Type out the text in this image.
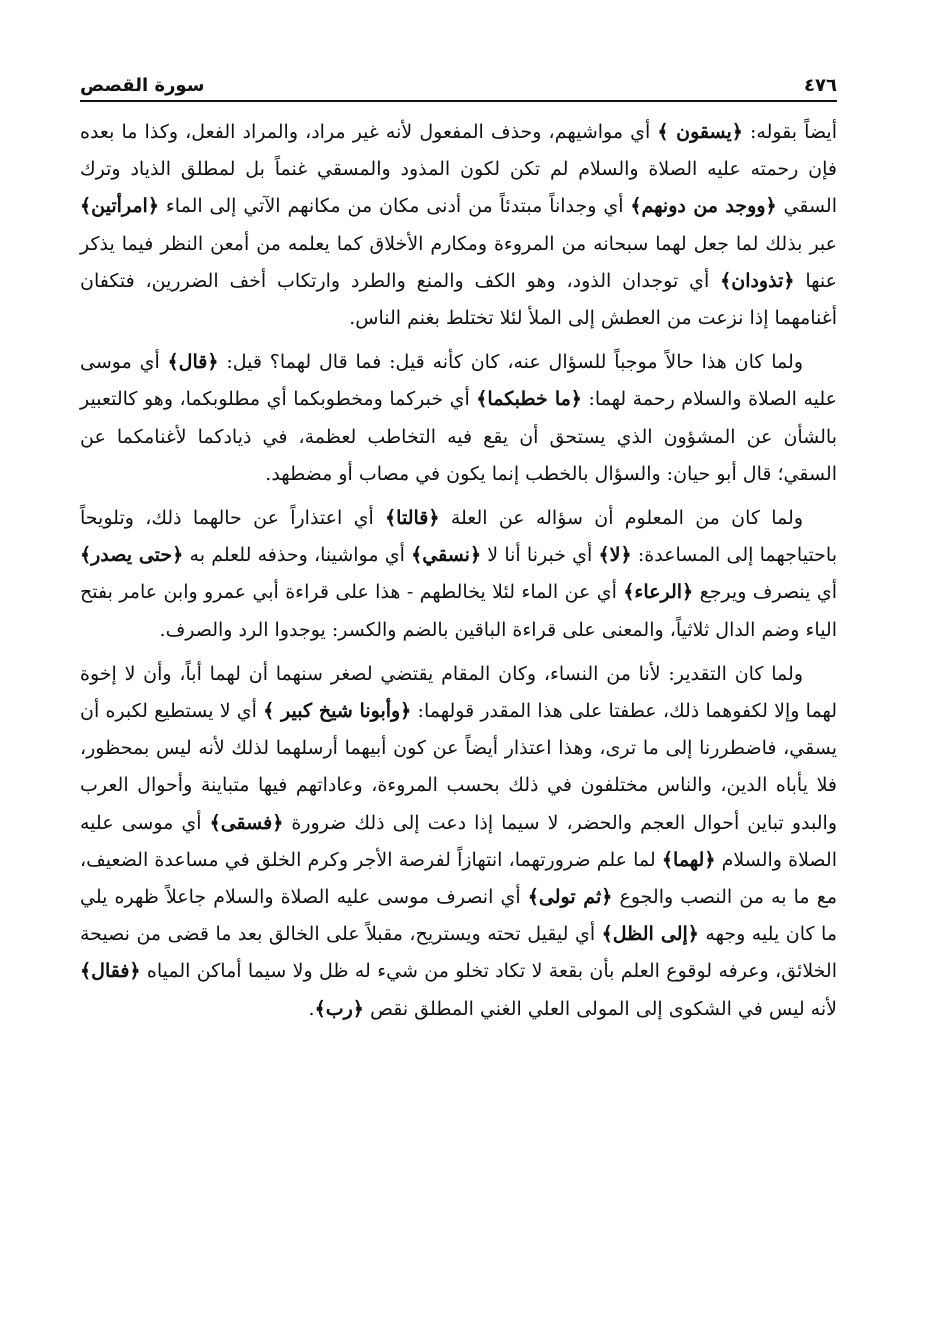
سورة القصص	٤٧٦

أيضاً بقوله: ﴿يسقون ﴾ أي مواشيهم، وحذف المفعول لأنه غير مراد، والمراد الفعل، وكذا ما بعده فإن رحمته عليه الصلاة والسلام لم تكن لكون المذود والمسقي غنماً بل لمطلق الذياد وترك السقي ﴿ووجد من دونهم﴾ أي وجداناً مبتدئاً من أدنى مكان من مكانهم الآتي إلى الماء ﴿امرأتين﴾ عبر بذلك لما جعل لهما سبحانه من المروءة ومكارم الأخلاق كما يعلمه من أمعن النظر فيما يذكر عنها ﴿تذودان﴾ أي توجدان الذود، وهو الكف والمنع والطرد وارتكاب أخف الضررين، فتكفان أغنامهما إذا نزعت من العطش إلى الملأ لئلا تختلط بغنم الناس.

ولما كان هذا حالاً موجباً للسؤال عنه، كان كأنه قيل: فما قال لهما؟ قيل: ﴿قال﴾ أي موسى عليه الصلاة والسلام رحمة لهما: ﴿ما خطبكما﴾ أي خبركما ومخطوبكما أي مطلوبكما، وهو كالتعبير بالشأن عن المشؤون الذي يستحق أن يقع فيه التخاطب لعظمة، في ذيادكما لأغنامكما عن السقي؛ قال أبو حيان: والسؤال بالخطب إنما يكون في مصاب أو مضطهد.

ولما كان من المعلوم أن سؤاله عن العلة ﴿قالتا﴾ أي اعتذاراً عن حالهما ذلك، وتلويحاً باحتياجهما إلى المساعدة: ﴿لا﴾ أي خبرنا أنا لا ﴿نسقي﴾ أي مواشينا، وحذفه للعلم به ﴿حتى يصدر﴾ أي ينصرف ويرجع ﴿الرعاء﴾ أي عن الماء لئلا يخالطهم - هذا على قراءة أبي عمرو وابن عامر بفتح الياء وضم الدال ثلاثياً، والمعنى على قراءة الباقين بالضم والكسر: يوجدوا الرد والصرف.

ولما كان التقدير: لأنا من النساء، وكان المقام يقتضي لصغر سنهما أن لهما أباً، وأن لا إخوة لهما وإلا لكفوهما ذلك، عطفتا على هذا المقدر قولهما: ﴿وأبونا شيخ كبير ﴾ أي لا يستطيع لكبره أن يسقي، فاضطررنا إلى ما ترى، وهذا اعتذار أيضاً عن كون أبيهما أرسلهما لذلك لأنه ليس بمحظور، فلا يأباه الدين، والناس مختلفون في ذلك بحسب المروءة، وعاداتهم فيها متباينة وأحوال العرب والبدو تباين أحوال العجم والحضر، لا سيما إذا دعت إلى ذلك ضرورة ﴿فسقى﴾ أي موسى عليه الصلاة والسلام ﴿لهما﴾ لما علم ضرورتهما، انتهازاً لفرصة الأجر وكرم الخلق في مساعدة الضعيف، مع ما به من النصب والجوع ﴿ثم تولى﴾ أي انصرف موسى عليه الصلاة والسلام جاعلاً ظهره يلي ما كان يليه وجهه ﴿إلى الظل﴾ أي ليقيل تحته ويستريح، مقبلاً على الخالق بعد ما قضى من نصيحة الخلائق، وعرفه لوقوع العلم بأن بقعة لا تكاد تخلو من شيء له ظل ولا سيما أماكن المياه ﴿فقال﴾ لأنه ليس في الشكوى إلى المولى العلي الغني المطلق نقص ﴿رب﴾.
